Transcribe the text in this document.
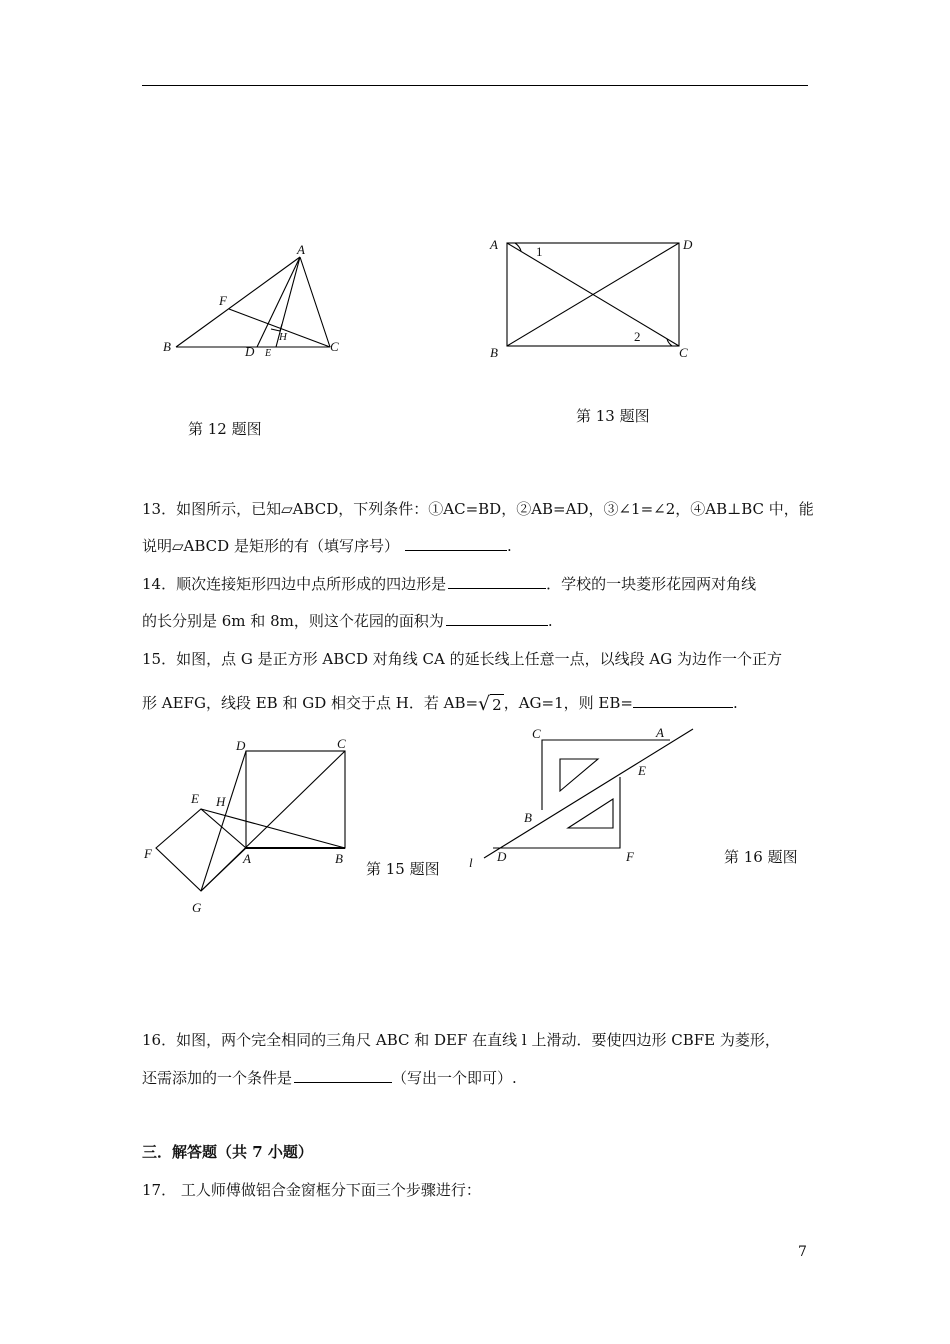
A
B	C
D E
F
H
第 12 题图
A
B	C
D
1
2
第 13 题图
13．如图所示，已知▱ABCD，下列条件：①AC=BD，②AB=AD，③∠1=∠2，④AB⊥BC 中，能
说明▱ABCD 是矩形的有（填写序号）	.
14．顺次连接矩形四边中点所形成的四边形是	．学校的一块菱形花园两对角线
的长分别是 6m 和 8m，则这个花园的面积为	.
15．如图，点 G 是正方形 ABCD 对角线 CA 的延长线上任意一点，以线段 AG 为边作一个正方
形 AEFG，线段 EB 和 GD 相交于点 H．若 AB= √ 2 ，AG=1，则 EB=	.
D	C
E H
F	A	B
G
第 15 题图
C	A
E
B
D	F
l	第 16 题图
16．如图，两个完全相同的三角尺 ABC 和 DEF 在直线 l 上滑动．要使四边形 CBFE 为菱形，
还需添加的一个条件是	（写出一个即可）.
三．解答题（共 7 小题）
17． 工人师傅做铝合金窗框分下面三个步骤进行：
7
